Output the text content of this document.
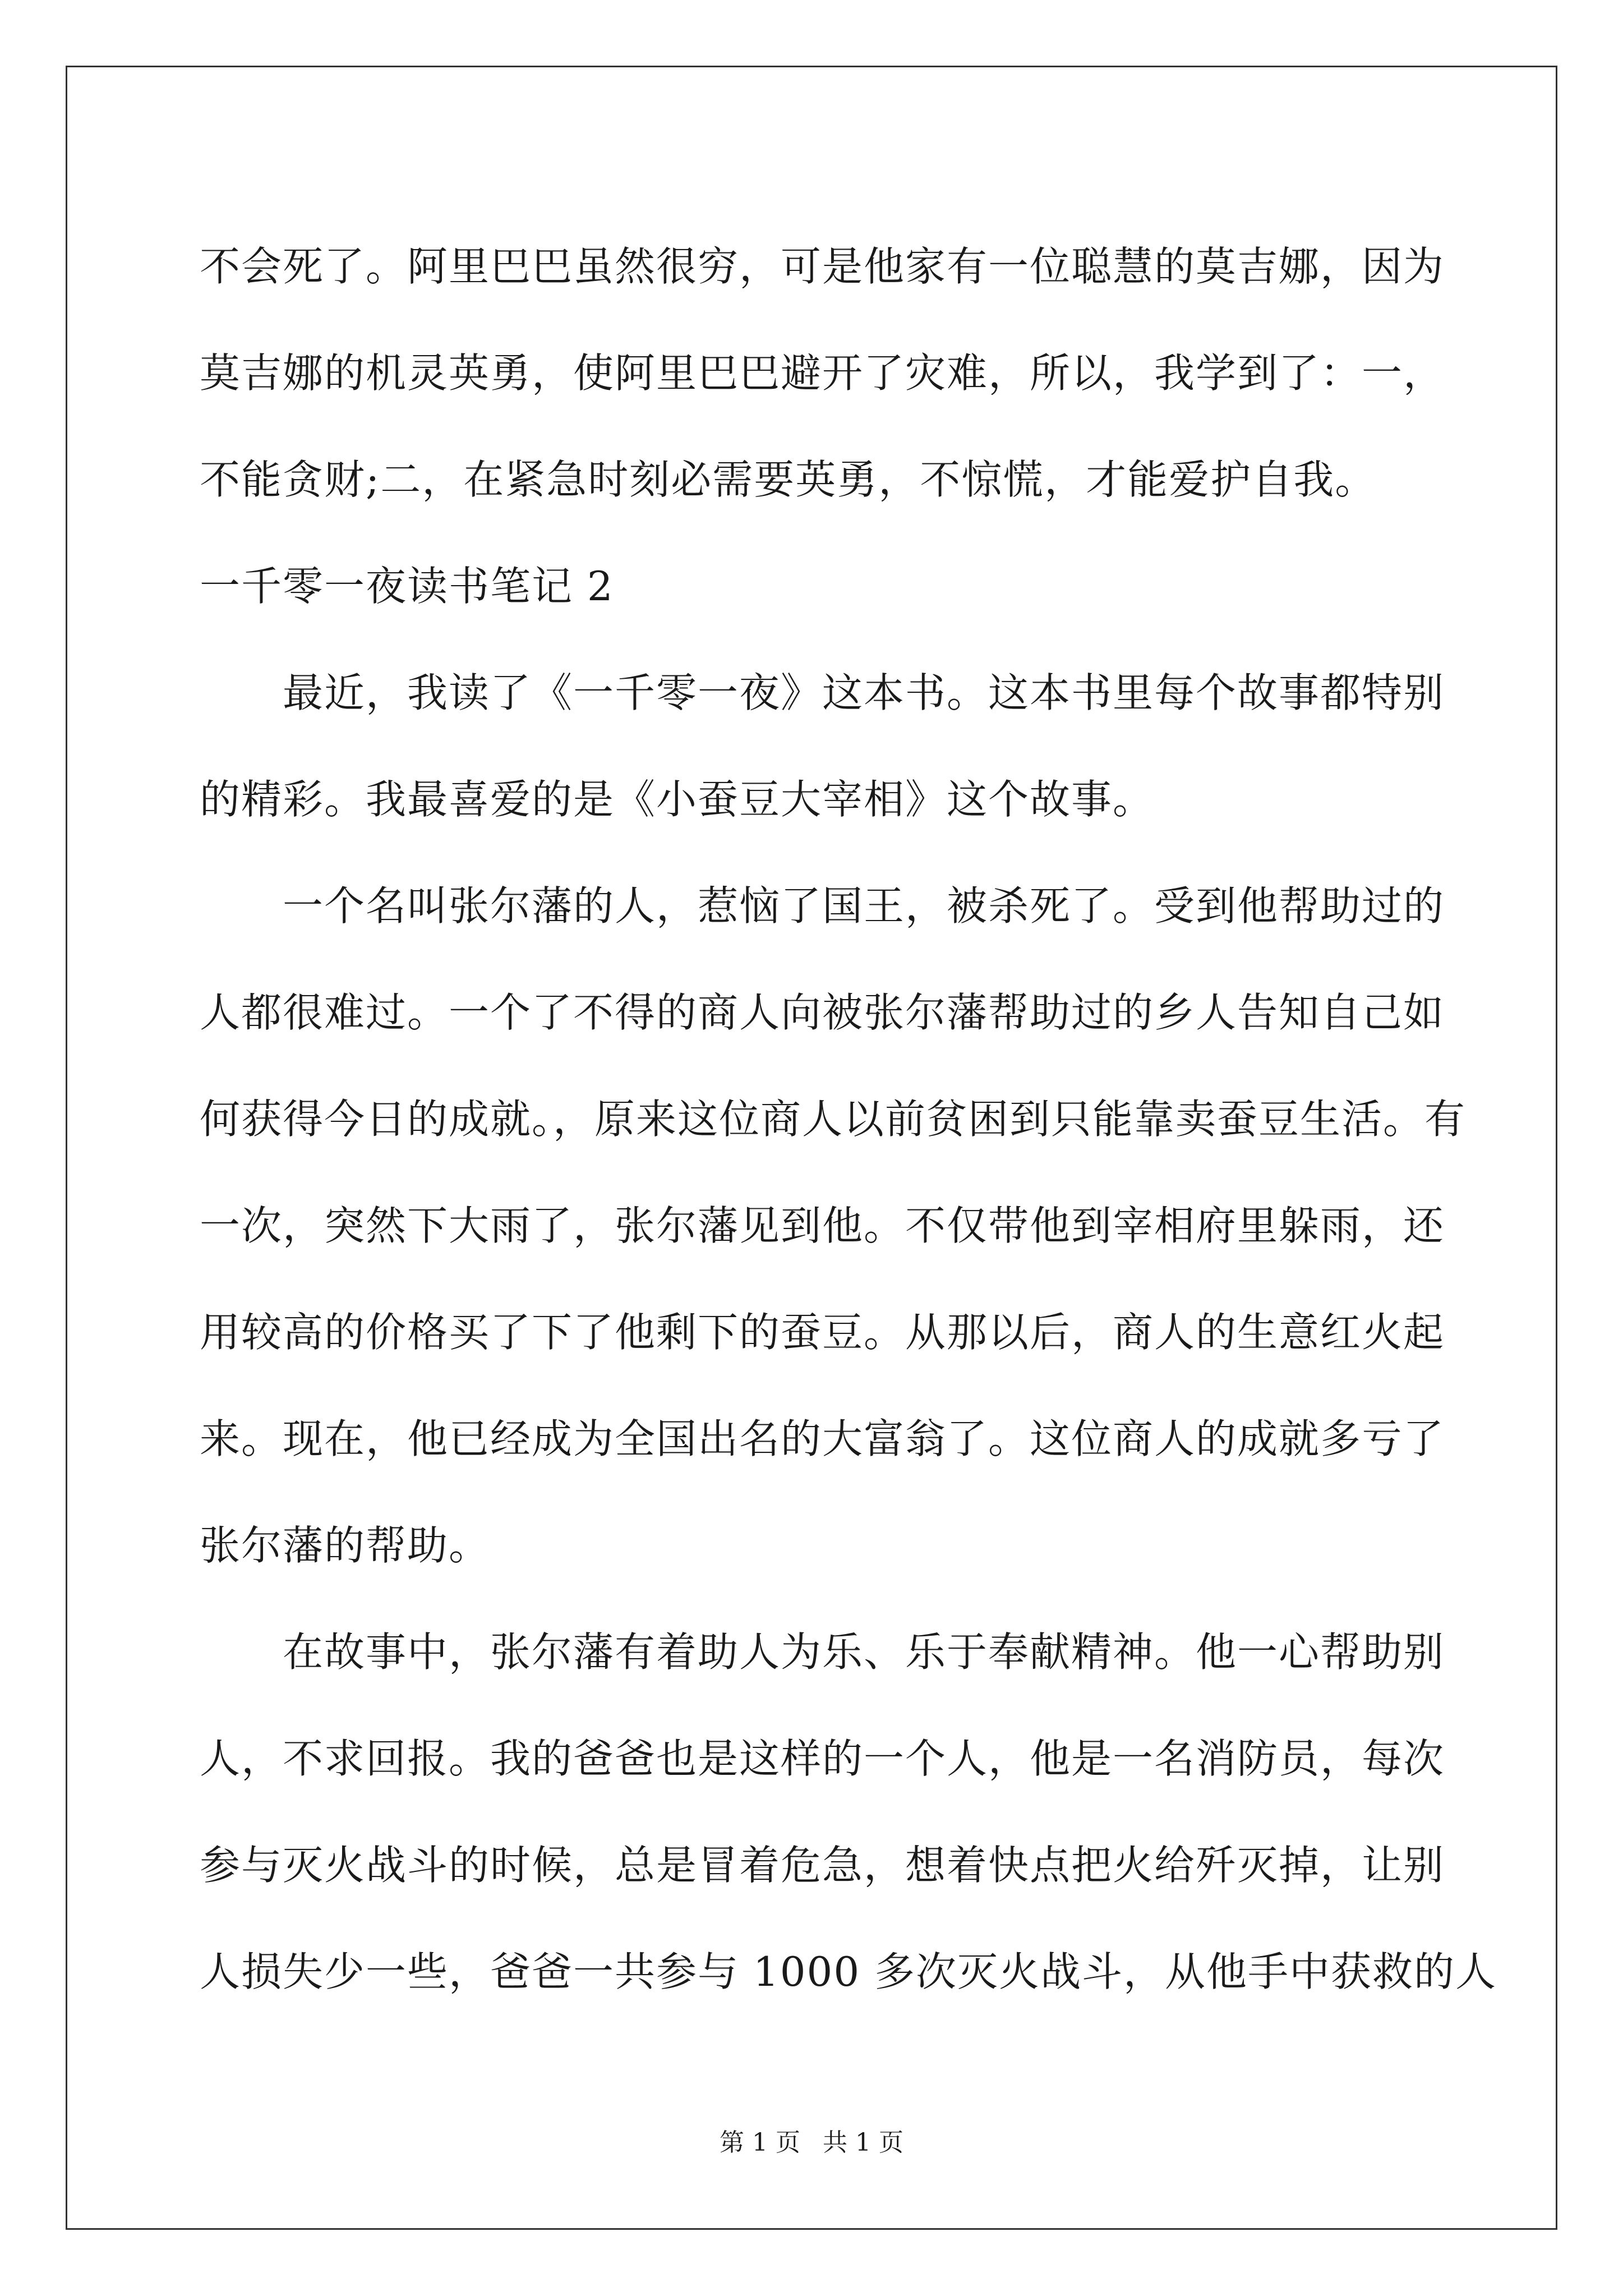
不会死了。阿里巴巴虽然很穷，可是他家有一位聪慧的莫吉娜，因为
莫吉娜的机灵英勇，使阿里巴巴避开了灾难，所以，我学到了：一，
不能贪财;二，在紧急时刻必需要英勇，不惊慌，才能爱护自我。
一千零一夜读书笔记 2
最近，我读了《一千零一夜》这本书。这本书里每个故事都特别
的精彩。我最喜爱的是《小蚕豆大宰相》这个故事。
一个名叫张尔藩的人，惹恼了国王，被杀死了。受到他帮助过的
人都很难过。一个了不得的商人向被张尔藩帮助过的乡人告知自己如
何获得今日的成就。，原来这位商人以前贫困到只能靠卖蚕豆生活。有
一次，突然下大雨了，张尔藩见到他。不仅带他到宰相府里躲雨，还
用较高的价格买了下了他剩下的蚕豆。从那以后，商人的生意红火起
来。现在，他已经成为全国出名的大富翁了。这位商人的成就多亏了
张尔藩的帮助。
在故事中，张尔藩有着助人为乐、乐于奉献精神。他一心帮助别
人，不求回报。我的爸爸也是这样的一个人，他是一名消防员，每次
参与灭火战斗的时候，总是冒着危急，想着快点把火给歼灭掉，让别
人损失少一些，爸爸一共参与 1000 多次灭火战斗，从他手中获救的人
第 1 页 共 1 页
